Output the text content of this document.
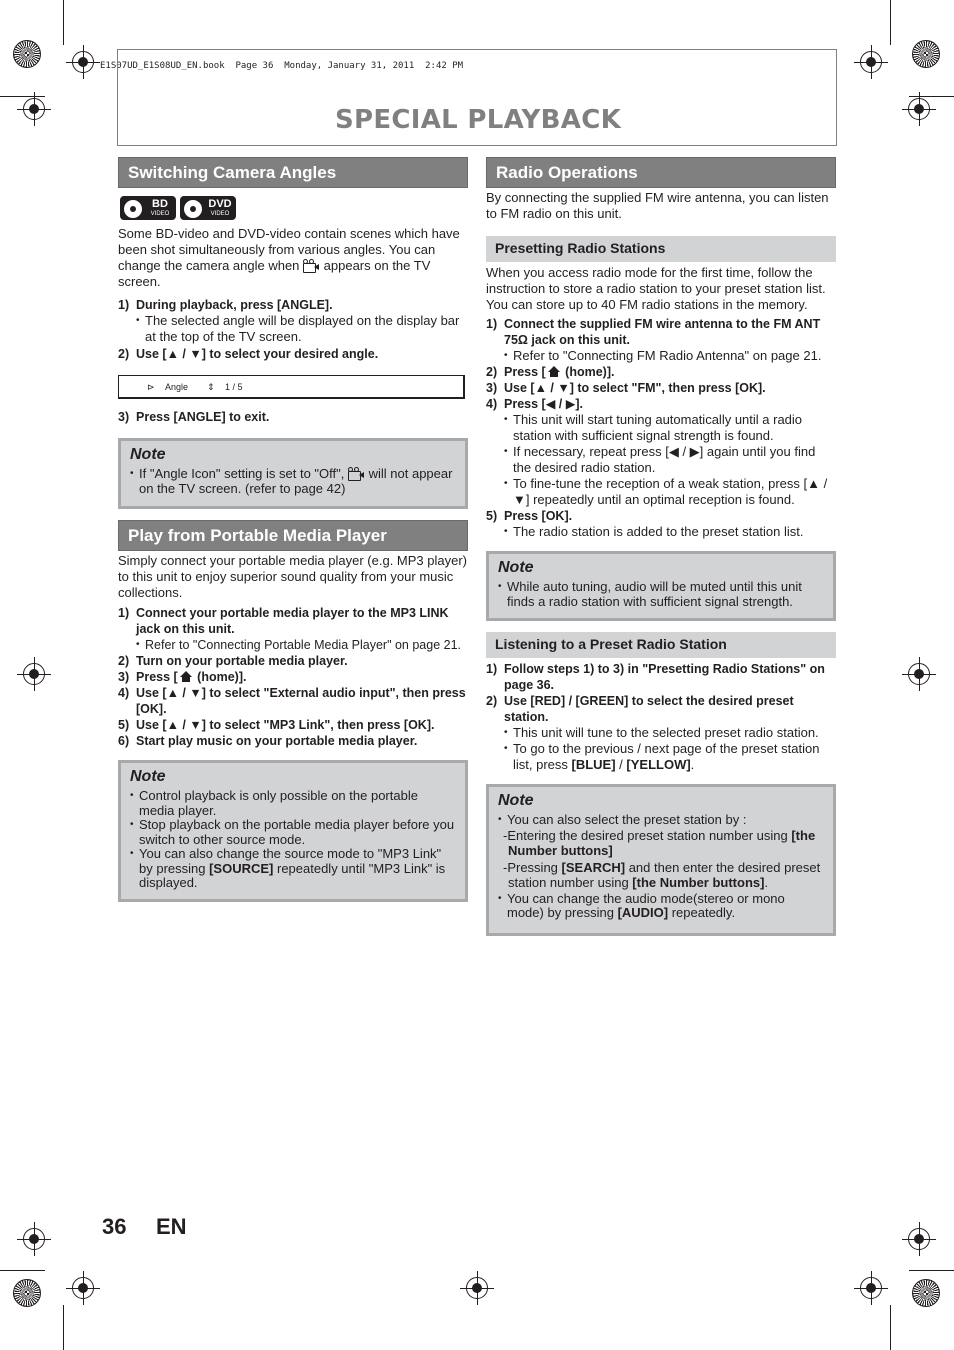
E1S07UD_E1S08UD_EN.book  Page 36  Monday, January 31, 2011  2:42 PM
SPECIAL PLAYBACK
Switching Camera Angles
BD
VIDEO
DVD
VIDEO

Some BD-video and DVD-video contain scenes which have been shot simultaneously from various angles. You can change the camera angle when appears on the TV screen.

1) During playback, press [ANGLE].
• The selected angle will be displayed on the display bar at the top of the TV screen.
2) Use [▲ / ▼] to select your desired angle.
⊳ Angle ⇕ 1 / 5
3) Press [ANGLE] to exit.
Note
• If "Angle Icon" setting is set to "Off", will not appear on the TV screen. (refer to page 42)
Play from Portable Media Player

Simply connect your portable media player (e.g. MP3 player) to this unit to enjoy superior sound quality from your music collections.

1) Connect your portable media player to the MP3 LINK jack on this unit.
• Refer to "Connecting Portable Media Player" on page 21.
2) Turn on your portable media player.
3) Press [ (home)].
4) Use [▲ / ▼] to select "External audio input", then press [OK].
5) Use [▲ / ▼] to select "MP3 Link", then press [OK].
6) Start play music on your portable media player.
Note
• Control playback is only possible on the portable media player.
• Stop playback on the portable media player before you switch to other source mode.
• You can also change the source mode to "MP3 Link" by pressing [SOURCE] repeatedly until "MP3 Link" is displayed.
Radio Operations

By connecting the supplied FM wire antenna, you can listen to FM radio on this unit.

Presetting Radio Stations

When you access radio mode for the first time, follow the instruction to store a radio station to your preset station list. You can store up to 40 FM radio stations in the memory.

1) Connect the supplied FM wire antenna to the FM ANT 75Ω jack on this unit.
• Refer to "Connecting FM Radio Antenna" on page 21.
2) Press [ (home)].
3) Use [▲ / ▼] to select "FM", then press [OK].
4) Press [◀ / ▶].
• This unit will start tuning automatically until a radio station with sufficient signal strength is found.
• If necessary, repeat press [◀ / ▶] again until you find the desired radio station.
• To fine-tune the reception of a weak station, press [▲ / ▼] repeatedly until an optimal reception is found.
5) Press [OK].
• The radio station is added to the preset station list.
Note
• While auto tuning, audio will be muted until this unit finds a radio station with sufficient signal strength.
Listening to a Preset Radio Station
1) Follow steps 1) to 3) in "Presetting Radio Stations" on page 36.
2) Use [RED] / [GREEN] to select the desired preset station.
• This unit will tune to the selected preset radio station.
• To go to the previous / next page of the preset station list, press [BLUE] / [YELLOW].
Note
• You can also select the preset station by :
-Entering the desired preset station number using [the Number buttons]
-Pressing [SEARCH] and then enter the desired preset station number using [the Number buttons].
• You can change the audio mode(stereo or mono mode) by pressing [AUDIO] repeatedly.
36 EN
